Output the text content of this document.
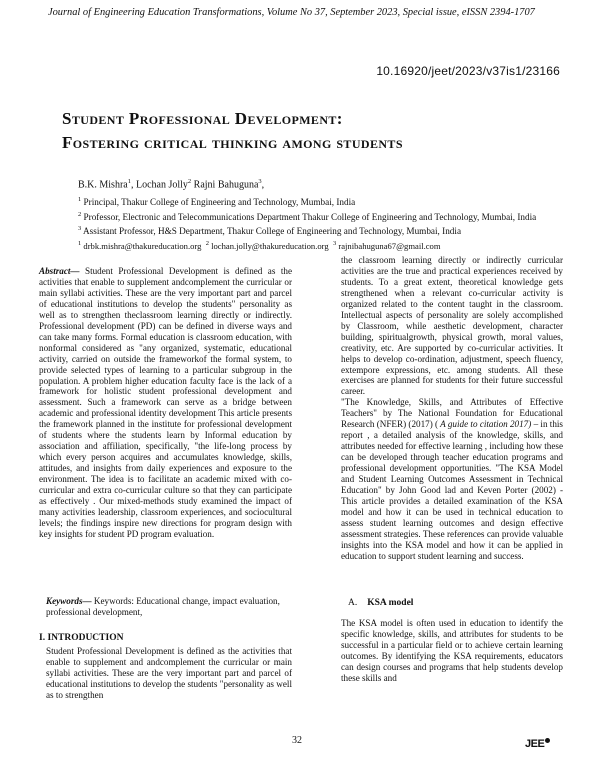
Journal of Engineering Education Transformations, Volume No 37, September 2023, Special issue, eISSN 2394-1707
10.16920/jeet/2023/v37is1/23166
Student Professional Development:
Fostering critical thinking among students
B.K. Mishra$^1$, Lochan Jolly$^2$ Rajni Bahuguna$^3$,
$^1$ Principal, Thakur College of Engineering and Technology, Mumbai, India
$^2$ Professor, Electronic and Telecommunications Department Thakur College of Engineering and Technology, Mumbai, India
$^3$ Assistant Professor, H&S Department, Thakur College of Engineering and Technology, Mumbai, India
$^1$ drbk.mishra@thakureducation.org $^2$ lochan.jolly@thakureducation.org $^3$ rajnibahuguna67@gmail.com

Abstract— Student Professional Development is defined as the activities that enable to supplement andcomplement the curricular or main syllabi activities. These are the very important part and parcel of educational institutions to develop the students" personality as well as to strengthen theclassroom learning directly or indirectly. Professional development (PD) can be defined in diverse ways and can take many forms. Formal education is classroom education, with nonformal considered as "any organized, systematic, educational activity, carried on outside the frameworkof the formal system, to provide selected types of learning to a particular subgroup in the population. A problem higher education faculty face is the lack of a framework for holistic student professional development and assessment. Such a framework can serve as a bridge between academic and professional identity development This article presents the framework planned in the institute for professional development of students where the students learn by Informal education by association and affiliation, specifically, "the life-long process by which every person acquires and accumulates knowledge, skills, attitudes, and insights from daily experiences and exposure to the environment. The idea is to facilitate an academic mixed with co-curricular and extra co-curricular culture so that they can participate as effectively . Our mixed-methods study examined the impact of many activities leadership, classroom experiences, and sociocultural levels; the findings inspire new directions for program design with key insights for student PD program evaluation.

Keywords— Keywords: Educational change, impact evaluation, professional development,
I. INTRODUCTION

Student Professional Development is defined as the activities that enable to supplement and andcomplement the curricular or main syllabi activities. These are the very important part and parcel of educational institutions to develop the students "personality as well as to strengthen

the classroom learning directly or indirectly curricular activities are the true and practical experiences received by students. To a great extent, theoretical knowledge gets strengthened when a relevant co-curricular activity is organized related to the content taught in the classroom. Intellectual aspects of personality are solely accomplished by Classroom, while aesthetic development, character building, spiritualgrowth, physical growth, moral values, creativity, etc. Are supported by co-curricular activities. It helps to develop co-ordination, adjustment, speech fluency, extempore expressions, etc. among students. All these exercises are planned for students for their future successful career.

"The Knowledge, Skills, and Attributes of Effective Teachers" by The National Foundation for Educational Research (NFER) (2017) ( A guide to citation 2017) – in this report , a detailed analysis of the knowledge, skills, and attributes needed for effective learning , including how these can be developed through teacher education programs and professional development opportunities. "The KSA Model and Student Learning Outcomes Assessment in Technical Education" by John Good lad and Keven Porter (2002) - This article provides a detailed examination of the KSA model and how it can be used in technical education to assess student learning outcomes and design effective assessment strategies. These references can provide valuable insights into the KSA model and how it can be applied in education to support student learning and success.

A. KSA model

The KSA model is often used in education to identify the specific knowledge, skills, and attributes for students to be successful in a particular field or to achieve certain learning outcomes. By identifying the KSA requirements, educators can design courses and programs that help students develop these skills and

32	JEE
